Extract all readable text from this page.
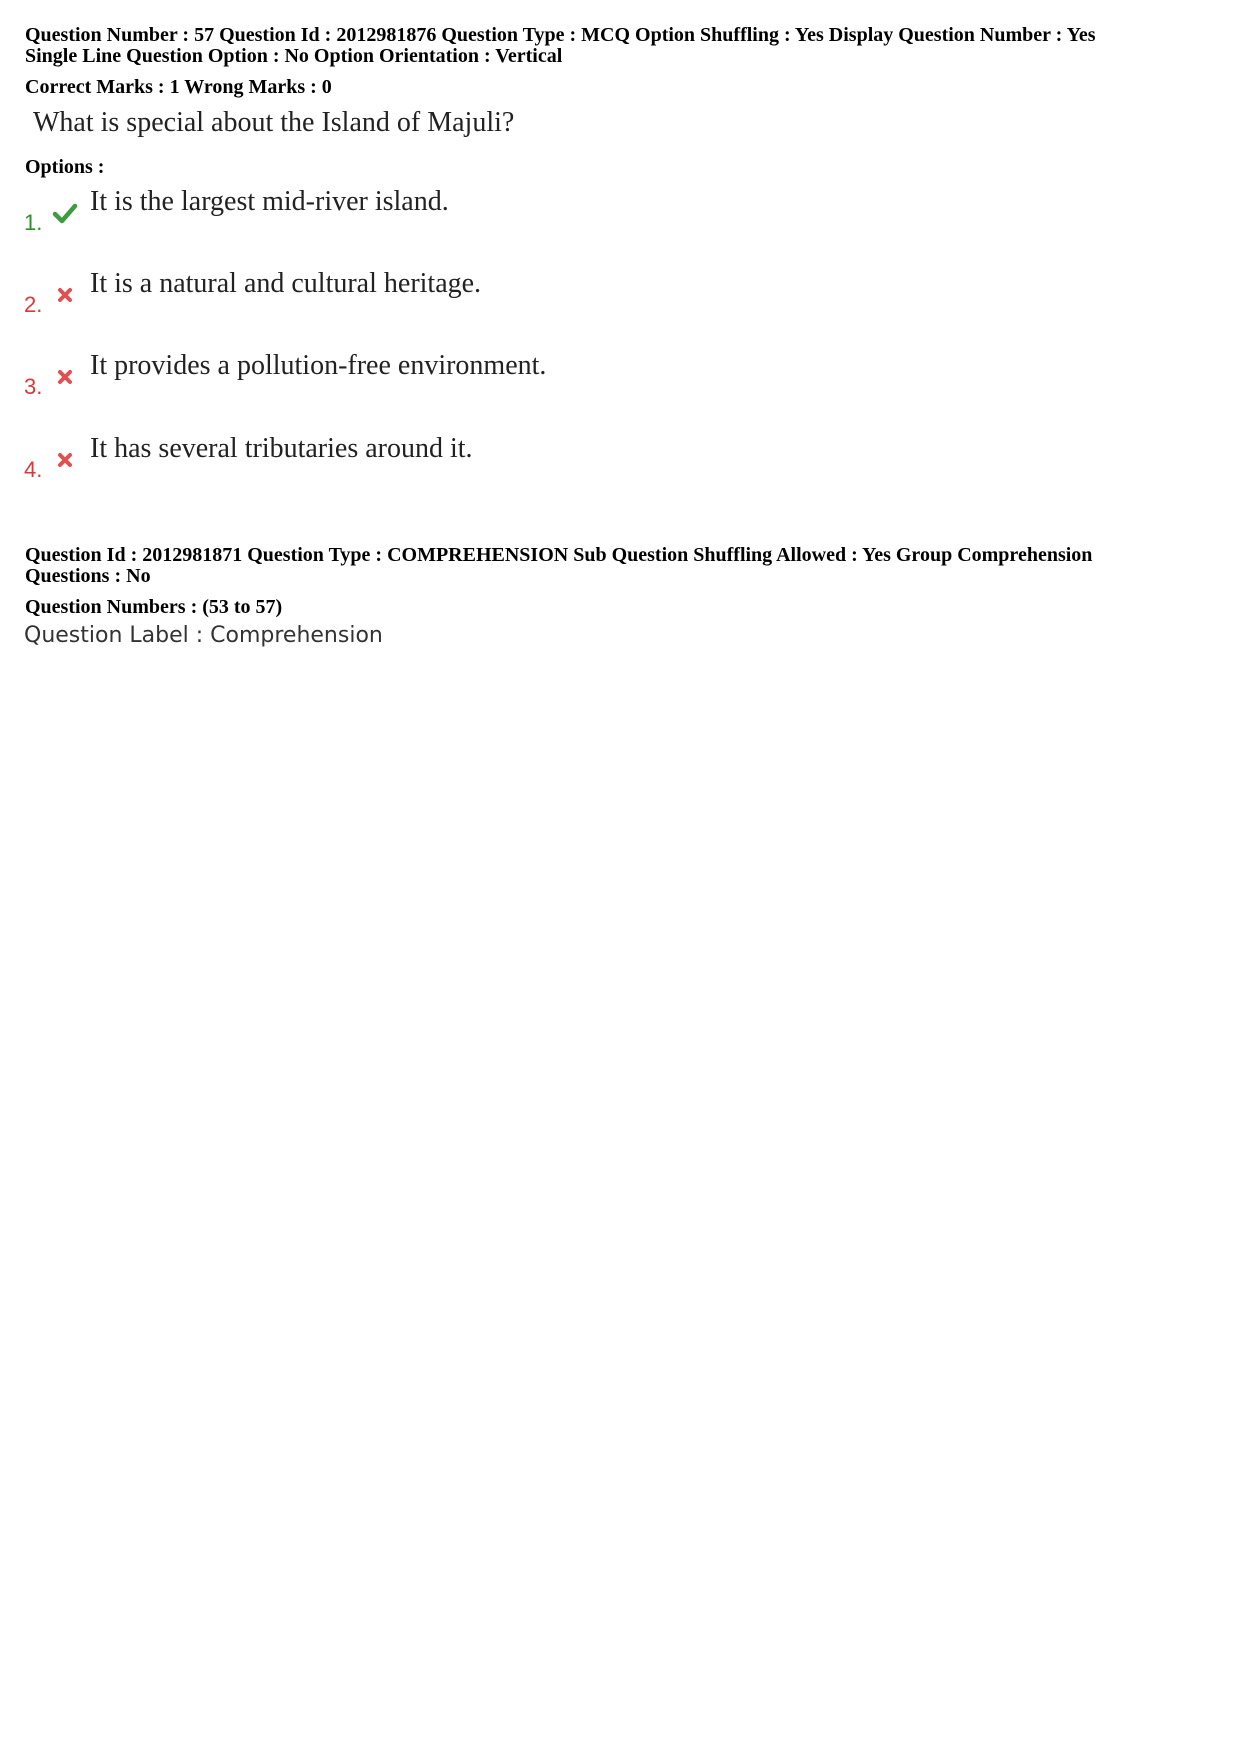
Question Number : 57 Question Id : 2012981876 Question Type : MCQ Option Shuffling : Yes Display Question Number : Yes
Single Line Question Option : No Option Orientation : Vertical
Correct Marks : 1 Wrong Marks : 0
What is special about the Island of Majuli?
Options :
1.
It is the largest mid-river island.
2.
It is a natural and cultural heritage.
3.
It provides a pollution-free environment.
4.
It has several tributaries around it.
Question Id : 2012981871 Question Type : COMPREHENSION Sub Question Shuffling Allowed : Yes Group Comprehension
Questions : No
Question Numbers : (53 to 57)
Question Label : Comprehension
